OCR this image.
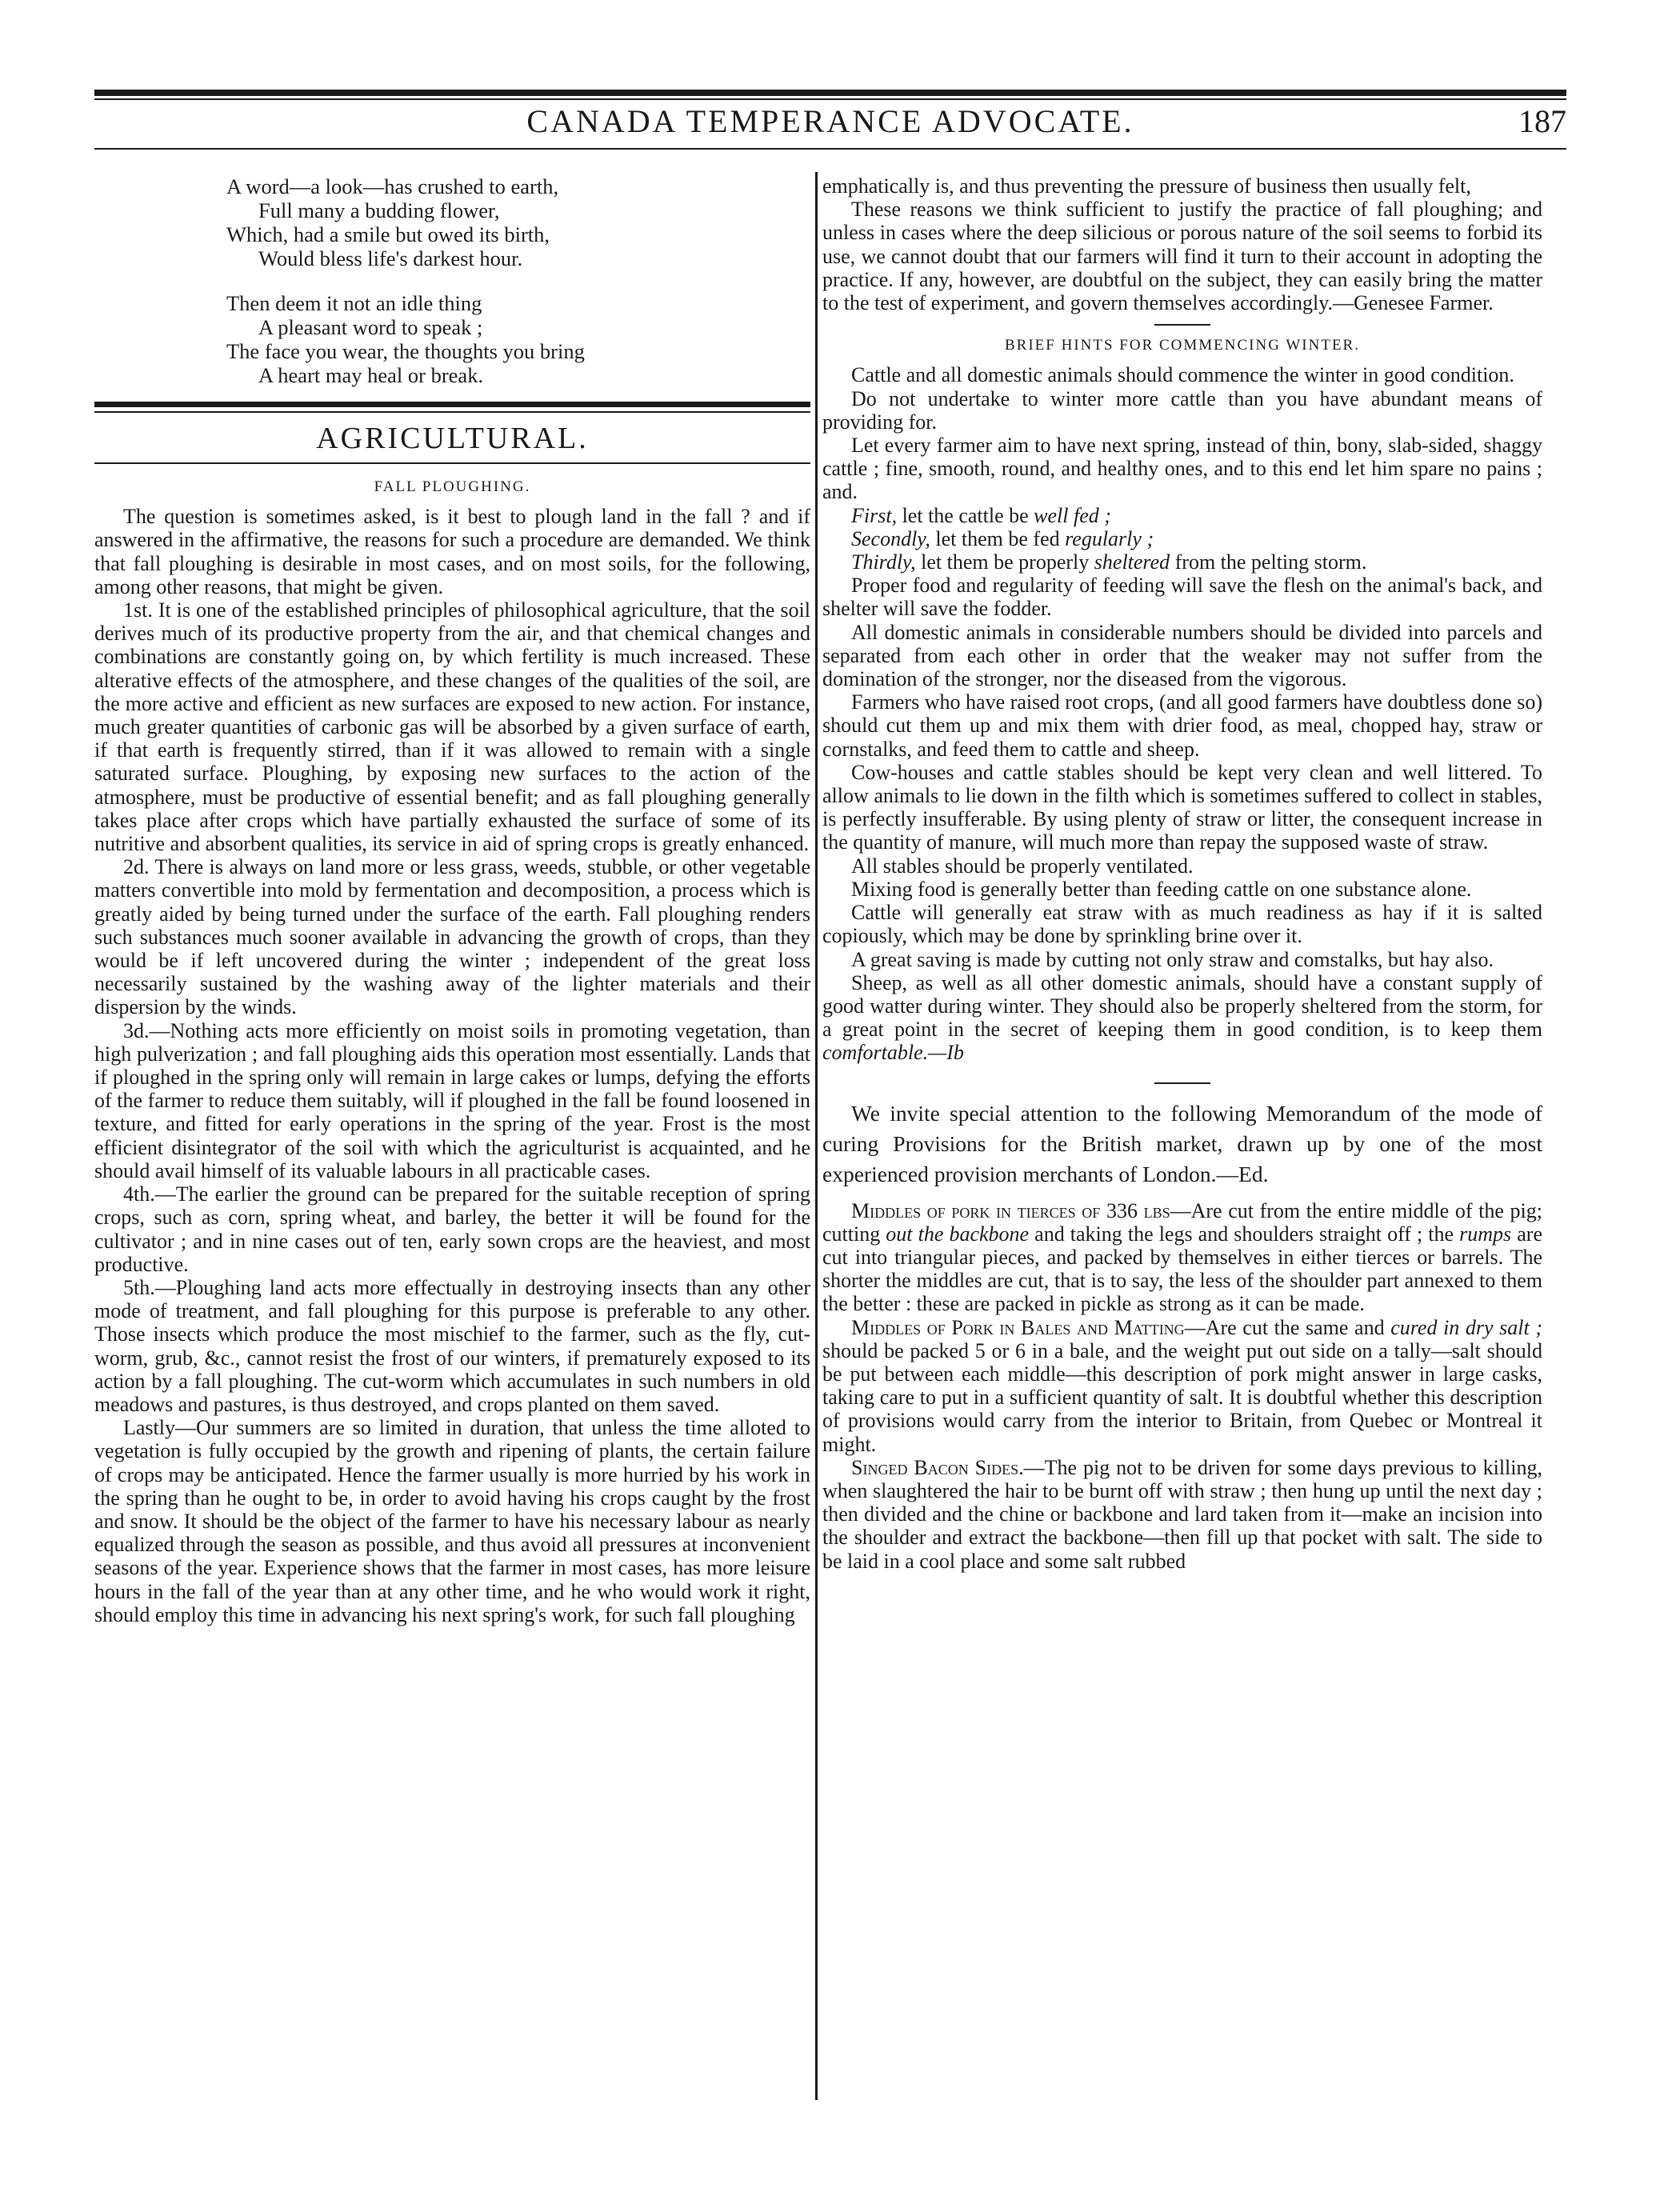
CANADA TEMPERANCE ADVOCATE.	187
A word—a look—has crushed to earth,
Full many a budding flower,
Which, had a smile but owed its birth,
Would bless life's darkest hour.
Then deem it not an idle thing
A pleasant word to speak ;
The face you wear, the thoughts you bring
A heart may heal or break.
AGRICULTURAL.
FALL PLOUGHING.

The question is sometimes asked, is it best to plough land in the fall ? and if answered in the affirmative, the reasons for such a procedure are demanded. We think that fall ploughing is desirable in most cases, and on most soils, for the following, among other reasons, that might be given.

1st. It is one of the established principles of philosophical agriculture, that the soil derives much of its productive property from the air, and that chemical changes and combinations are constantly going on, by which fertility is much increased. These alterative effects of the atmosphere, and these changes of the qualities of the soil, are the more active and efficient as new surfaces are exposed to new action. For instance, much greater quantities of carbonic gas will be absorbed by a given surface of earth, if that earth is frequently stirred, than if it was allowed to remain with a single saturated surface. Ploughing, by exposing new surfaces to the action of the atmosphere, must be productive of essential benefit; and as fall ploughing generally takes place after crops which have partially exhausted the surface of some of its nutritive and absorbent qualities, its service in aid of spring crops is greatly enhanced.

2d. There is always on land more or less grass, weeds, stubble, or other vegetable matters convertible into mold by fermentation and decomposition, a process which is greatly aided by being turned under the surface of the earth. Fall ploughing renders such substances much sooner available in advancing the growth of crops, than they would be if left uncovered during the winter ; independent of the great loss necessarily sustained by the washing away of the lighter materials and their dispersion by the winds.

3d.—Nothing acts more efficiently on moist soils in promoting vegetation, than high pulverization ; and fall ploughing aids this operation most essentially. Lands that if ploughed in the spring only will remain in large cakes or lumps, defying the efforts of the farmer to reduce them suitably, will if ploughed in the fall be found loosened in texture, and fitted for early operations in the spring of the year. Frost is the most efficient disintegrator of the soil with which the agriculturist is acquainted, and he should avail himself of its valuable labours in all practicable cases.

4th.—The earlier the ground can be prepared for the suitable reception of spring crops, such as corn, spring wheat, and barley, the better it will be found for the cultivator ; and in nine cases out of ten, early sown crops are the heaviest, and most productive.

5th.—Ploughing land acts more effectually in destroying insects than any other mode of treatment, and fall ploughing for this purpose is preferable to any other. Those insects which produce the most mischief to the farmer, such as the fly, cut-worm, grub, &c., cannot resist the frost of our winters, if prematurely exposed to its action by a fall ploughing. The cut-worm which accumulates in such numbers in old meadows and pastures, is thus destroyed, and crops planted on them saved.

Lastly—Our summers are so limited in duration, that unless the time alloted to vegetation is fully occupied by the growth and ripening of plants, the certain failure of crops may be anticipated. Hence the farmer usually is more hurried by his work in the spring than he ought to be, in order to avoid having his crops caught by the frost and snow. It should be the object of the farmer to have his necessary labour as nearly equalized through the season as possible, and thus avoid all pressures at inconvenient seasons of the year. Experience shows that the farmer in most cases, has more leisure hours in the fall of the year than at any other time, and he who would work it right, should employ this time in advancing his next spring's work, for such fall ploughing

emphatically is, and thus preventing the pressure of business then usually felt,

These reasons we think sufficient to justify the practice of fall ploughing; and unless in cases where the deep silicious or porous nature of the soil seems to forbid its use, we cannot doubt that our farmers will find it turn to their account in adopting the practice. If any, however, are doubtful on the subject, they can easily bring the matter to the test of experiment, and govern themselves accordingly.—Genesee Farmer.

BRIEF HINTS FOR COMMENCING WINTER.

Cattle and all domestic animals should commence the winter in good condition.

Do not undertake to winter more cattle than you have abundant means of providing for.

Let every farmer aim to have next spring, instead of thin, bony, slab-sided, shaggy cattle ; fine, smooth, round, and healthy ones, and to this end let him spare no pains ; and.

First, let the cattle be well fed ;

Secondly, let them be fed regularly ;

Thirdly, let them be properly sheltered from the pelting storm.

Proper food and regularity of feeding will save the flesh on the animal's back, and shelter will save the fodder.

All domestic animals in considerable numbers should be divided into parcels and separated from each other in order that the weaker may not suffer from the domination of the stronger, nor the diseased from the vigorous.

Farmers who have raised root crops, (and all good farmers have doubtless done so) should cut them up and mix them with drier food, as meal, chopped hay, straw or cornstalks, and feed them to cattle and sheep.

Cow-houses and cattle stables should be kept very clean and well littered. To allow animals to lie down in the filth which is sometimes suffered to collect in stables, is perfectly insufferable. By using plenty of straw or litter, the consequent increase in the quantity of manure, will much more than repay the supposed waste of straw.

All stables should be properly ventilated.

Mixing food is generally better than feeding cattle on one substance alone.

Cattle will generally eat straw with as much readiness as hay if it is salted copiously, which may be done by sprinkling brine over it.

A great saving is made by cutting not only straw and comstalks, but hay also.

Sheep, as well as all other domestic animals, should have a constant supply of good watter during winter. They should also be properly sheltered from the storm, for a great point in the secret of keeping them in good condition, is to keep them comfortable.—Ib

We invite special attention to the following Memorandum of the mode of curing Provisions for the British market, drawn up by one of the most experienced provision merchants of London.—Ed.

Middles of pork in tierces of 336 lbs—Are cut from the entire middle of the pig; cutting out the backbone and taking the legs and shoulders straight off ; the rumps are cut into triangular pieces, and packed by themselves in either tierces or barrels. The shorter the middles are cut, that is to say, the less of the shoulder part annexed to them the better : these are packed in pickle as strong as it can be made.

Middles of Pork in Bales and Matting—Are cut the same and cured in dry salt ; should be packed 5 or 6 in a bale, and the weight put out side on a tally—salt should be put between each middle—this description of pork might answer in large casks, taking care to put in a sufficient quantity of salt. It is doubtful whether this description of provisions would carry from the interior to Britain, from Quebec or Montreal it might.

Singed Bacon Sides.—The pig not to be driven for some days previous to killing, when slaughtered the hair to be burnt off with straw ; then hung up until the next day ; then divided and the chine or backbone and lard taken from it—make an incision into the shoulder and extract the backbone—then fill up that pocket with salt. The side to be laid in a cool place and some salt rubbed
